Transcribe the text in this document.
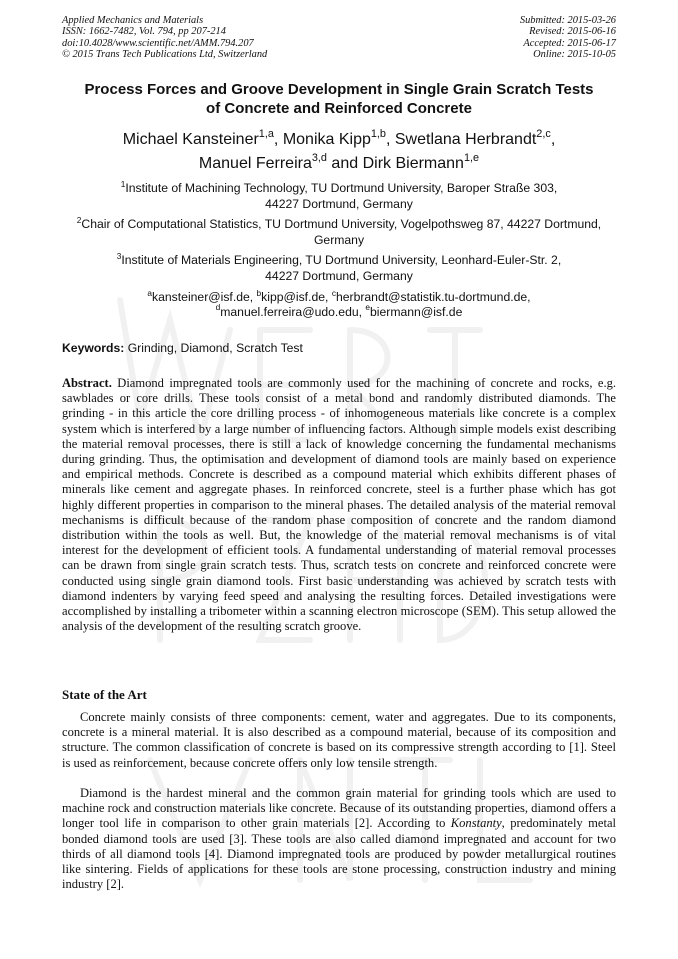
Applied Mechanics and Materials
ISSN: 1662-7482, Vol. 794, pp 207-214
doi:10.4028/www.scientific.net/AMM.794.207
© 2015 Trans Tech Publications Ltd, Switzerland
Submitted: 2015-03-26
Revised: 2015-06-16
Accepted: 2015-06-17
Online: 2015-10-05
Process Forces and Groove Development in Single Grain Scratch Tests
of Concrete and Reinforced Concrete
Michael Kansteiner$^{1,a}$, Monika Kipp$^{1,b}$, Swetlana Herbrandt$^{2,c}$,
Manuel Ferreira$^{3,d}$ and Dirk Biermann$^{1,e}$
$^1$Institute of Machining Technology, TU Dortmund University, Baroper Straße 303,
44227 Dortmund, Germany
$^2$Chair of Computational Statistics, TU Dortmund University, Vogelpothsweg 87, 44227 Dortmund,
Germany
$^3$Institute of Materials Engineering, TU Dortmund University, Leonhard-Euler-Str. 2,
44227 Dortmund, Germany
$^a$kansteiner@isf.de, $^b$kipp@isf.de, $^c$herbrandt@statistik.tu-dortmund.de,
$^d$manuel.ferreira@udo.edu, $^e$biermann@isf.de

Keywords: Grinding, Diamond, Scratch Test

Abstract. Diamond impregnated tools are commonly used for the machining of concrete and rocks, e.g. sawblades or core drills. These tools consist of a metal bond and randomly distributed diamonds. The grinding - in this article the core drilling process - of inhomogeneous materials like concrete is a complex system which is interfered by a large number of influencing factors. Although simple models exist describing the material removal processes, there is still a lack of knowledge concerning the fundamental mechanisms during grinding. Thus, the optimisation and development of diamond tools are mainly based on experience and empirical methods. Concrete is described as a compound material which exhibits different phases of minerals like cement and aggregate phases. In reinforced concrete, steel is a further phase which has got highly different properties in comparison to the mineral phases. The detailed analysis of the material removal mechanisms is difficult because of the random phase composition of concrete and the random diamond distribution within the tools as well. But, the knowledge of the material removal mechanisms is of vital interest for the development of efficient tools. A fundamental understanding of material removal processes can be drawn from single grain scratch tests. Thus, scratch tests on concrete and reinforced concrete were conducted using single grain diamond tools. First basic understanding was achieved by scratch tests with diamond indenters by varying feed speed and analysing the resulting forces. Detailed investigations were accomplished by installing a tribometer within a scanning electron microscope (SEM). This setup allowed the analysis of the development of the resulting scratch groove.

State of the Art

Concrete mainly consists of three components: cement, water and aggregates. Due to its components, concrete is a mineral material. It is also described as a compound material, because of its composition and structure. The common classification of concrete is based on its compressive strength according to [1]. Steel is used as reinforcement, because concrete offers only low tensile strength.

Diamond is the hardest mineral and the common grain material for grinding tools which are used to machine rock and construction materials like concrete. Because of its outstanding properties, diamond offers a longer tool life in comparison to other grain materials [2]. According to Konstanty, predominately metal bonded diamond tools are used [3]. These tools are also called diamond impregnated and account for two thirds of all diamond tools [4]. Diamond impregnated tools are produced by powder metallurgical routines like sintering. Fields of applications for these tools are stone processing, construction industry and mining industry [2].
